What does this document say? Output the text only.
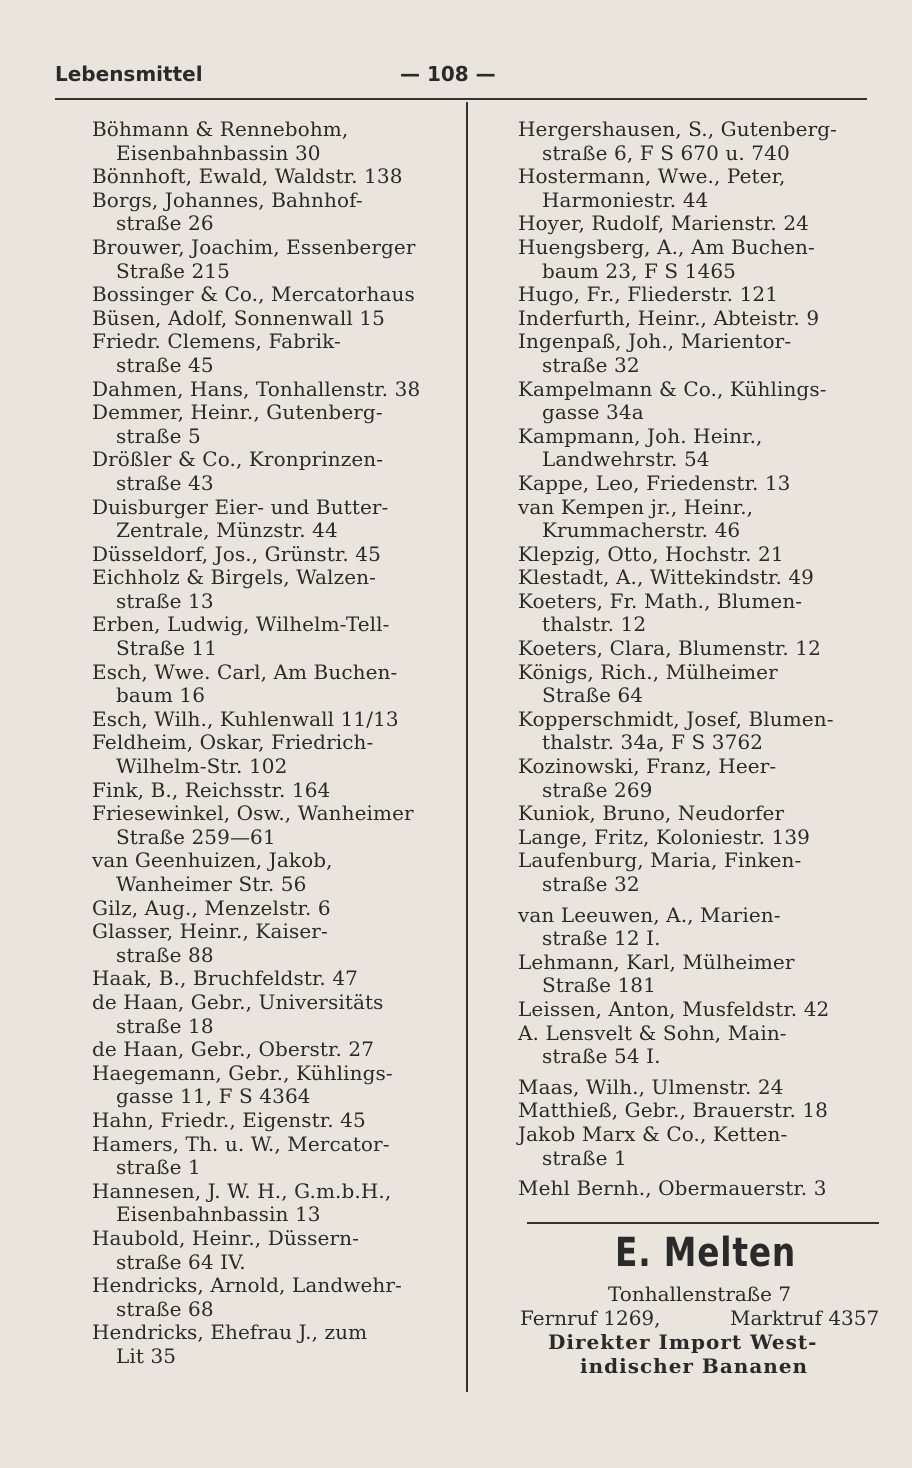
Lebensmittel	— 108 —
Böhmann & Rennebohm,
Eisenbahnbassin 30
Bönnhoft, Ewald, Waldstr. 138
Borgs, Johannes, Bahnhof-
straße 26
Brouwer, Joachim, Essenberger
Straße 215
Bossinger & Co., Mercatorhaus
Büsen, Adolf, Sonnenwall 15
Friedr. Clemens, Fabrik-
straße 45
Dahmen, Hans, Tonhallenstr. 38
Demmer, Heinr., Gutenberg-
straße 5
Drößler & Co., Kronprinzen-
straße 43
Duisburger Eier- und Butter-
Zentrale, Münzstr. 44
Düsseldorf, Jos., Grünstr. 45
Eichholz & Birgels, Walzen-
straße 13
Erben, Ludwig, Wilhelm-Tell-
Straße 11
Esch, Wwe. Carl, Am Buchen-
baum 16
Esch, Wilh., Kuhlenwall 11/13
Feldheim, Oskar, Friedrich-
Wilhelm-Str. 102
Fink, B., Reichsstr. 164
Friesewinkel, Osw., Wanheimer
Straße 259—61
van Geenhuizen, Jakob,
Wanheimer Str. 56
Gilz, Aug., Menzelstr. 6
Glasser, Heinr., Kaiser-
straße 88
Haak, B., Bruchfeldstr. 47
de Haan, Gebr., Universitäts
straße 18
de Haan, Gebr., Oberstr. 27
Haegemann, Gebr., Kühlings-
gasse 11, F S 4364
Hahn, Friedr., Eigenstr. 45
Hamers, Th. u. W., Mercator-
straße 1
Hannesen, J. W. H., G.m.b.H.,
Eisenbahnbassin 13
Haubold, Heinr., Düssern-
straße 64 IV.
Hendricks, Arnold, Landwehr-
straße 68
Hendricks, Ehefrau J., zum
Lit 35
Hergershausen, S., Gutenberg-
straße 6, F S 670 u. 740
Hostermann, Wwe., Peter,
Harmoniestr. 44
Hoyer, Rudolf, Marienstr. 24
Huengsberg, A., Am Buchen-
baum 23, F S 1465
Hugo, Fr., Fliederstr. 121
Inderfurth, Heinr., Abteistr. 9
Ingenpaß, Joh., Marientor-
straße 32
Kampelmann & Co., Kühlings-
gasse 34a
Kampmann, Joh. Heinr.,
Landwehrstr. 54
Kappe, Leo, Friedenstr. 13
van Kempen jr., Heinr.,
Krummacherstr. 46
Klepzig, Otto, Hochstr. 21
Klestadt, A., Wittekindstr. 49
Koeters, Fr. Math., Blumen-
thalstr. 12
Koeters, Clara, Blumenstr. 12
Königs, Rich., Mülheimer
Straße 64
Kopperschmidt, Josef, Blumen-
thalstr. 34a, F S 3762
Kozinowski, Franz, Heer-
straße 269
Kuniok, Bruno, Neudorfer
Lange, Fritz, Koloniestr. 139
Laufenburg, Maria, Finken-
straße 32
van Leeuwen, A., Marien-
straße 12 I.
Lehmann, Karl, Mülheimer
Straße 181
Leissen, Anton, Musfeldstr. 42
A. Lensvelt & Sohn, Main-
straße 54 I.
Maas, Wilh., Ulmenstr. 24
Matthieß, Gebr., Brauerstr. 18
Jakob Marx & Co., Ketten-
straße 1
Mehl Bernh., Obermauerstr. 3
E. Melten
Tonhallenstraße 7
Fernruf 1269,	Marktruf 4357
Direkter Import West-
indischer Bananen
